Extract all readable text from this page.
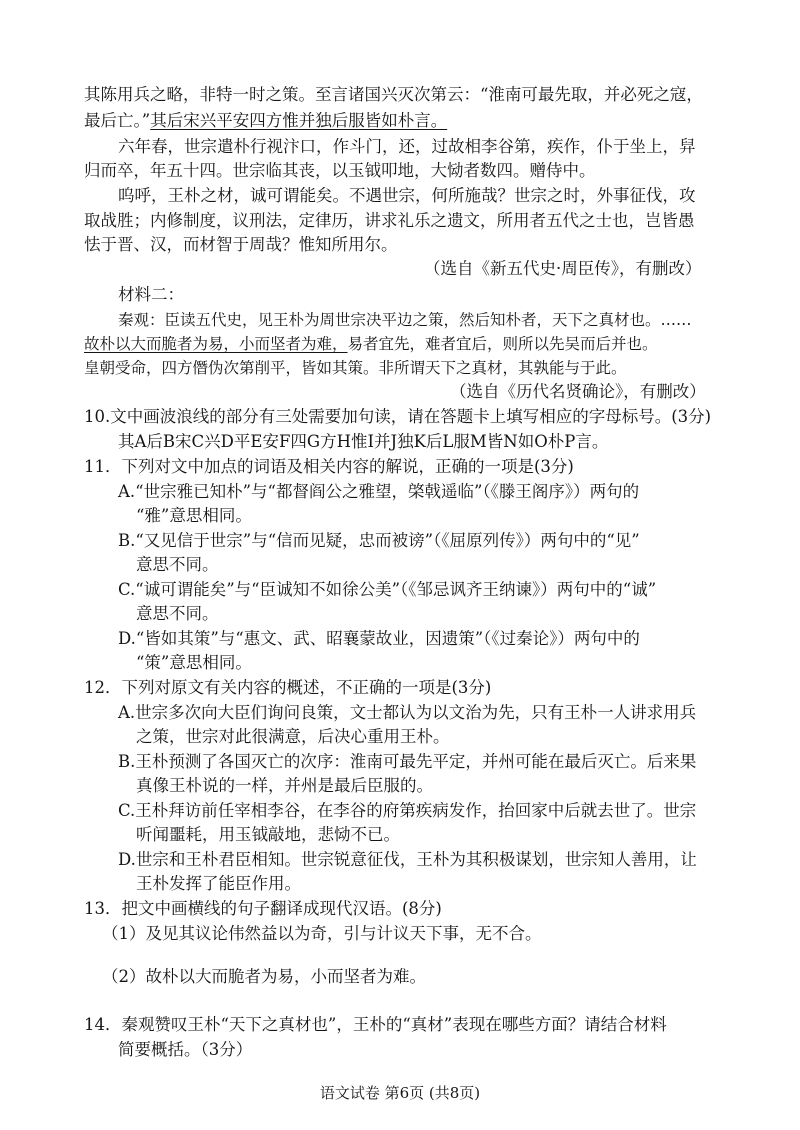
其陈用兵之略，非特一时之策。至言诸国兴灭次第云：“淮南可最先取，并必死之寇，
最后亡。”其后宋兴平安四方惟并独后服皆如朴言。
六年春，世宗遣朴行视汴口，作斗门，还，过故相李谷第，疾作，仆于坐上，舁
归而卒，年五十四。世宗临其丧，以玉钺叩地，大恸者数四。赠侍中。
呜呼，王朴之材，诚可谓能矣。不遇世宗，何所施哉？世宗之时，外事征伐，攻
取战胜；内修制度，议刑法，定律历，讲求礼乐之遗文，所用者五代之士也，岂皆愚
怯于晋、汉，而材智于周哉？惟知所用尔。
（选自《新五代史·周臣传》，有删改）
材料二：
秦观：臣读五代史，见王朴为周世宗决平边之策，然后知朴者，天下之真材也。……
故朴以大而脆者为易，小而坚者为难，易者宜先，难者宜后，则所以先吴而后并也。
皇朝受命，四方僭伪次第削平，皆如其策。非所谓天下之真材，其孰能与于此。
（选自《历代名贤确论》，有删改）
10.文中画波浪线的部分有三处需要加句读，请在答题卡上填写相应的字母标号。(3分)
其A后B宋C兴D平E安F四G方H惟I并J独K后L服M皆N如O朴P言。
11．下列对文中加点的词语及相关内容的解说，正确的一项是(3分)
A.“世宗雅已知朴”与“都督阎公之雅望，棨戟遥临”（《滕王阁序》）两句的
“雅”意思相同。
B.“又见信于世宗”与“信而见疑，忠而被谤”（《屈原列传》）两句中的“见”
意思不同。
C.“诚可谓能矣”与“臣诚知不如徐公美”（《邹忌讽齐王纳谏》）两句中的“诚”
意思不同。
D.“皆如其策”与“惠文、武、昭襄蒙故业，因遗策”（《过秦论》）两句中的
“策”意思相同。
12．下列对原文有关内容的概述，不正确的一项是(3分)
A.世宗多次向大臣们询问良策，文士都认为以文治为先，只有王朴一人讲求用兵
之策，世宗对此很满意，后决心重用王朴。
B.王朴预测了各国灭亡的次序：淮南可最先平定，并州可能在最后灭亡。后来果
真像王朴说的一样，并州是最后臣服的。
C.王朴拜访前任宰相李谷，在李谷的府第疾病发作，抬回家中后就去世了。世宗
听闻噩耗，用玉钺敲地，悲恸不已。
D.世宗和王朴君臣相知。世宗锐意征伐，王朴为其积极谋划，世宗知人善用，让
王朴发挥了能臣作用。
13．把文中画横线的句子翻译成现代汉语。(8分)
（1）及见其议论伟然益以为奇，引与计议天下事，无不合。
（2）故朴以大而脆者为易，小而坚者为难。
14．秦观赞叹王朴“天下之真材也”，王朴的“真材”表现在哪些方面？请结合材料
简要概括。（3分）
语文试卷 第6页 (共8页)
